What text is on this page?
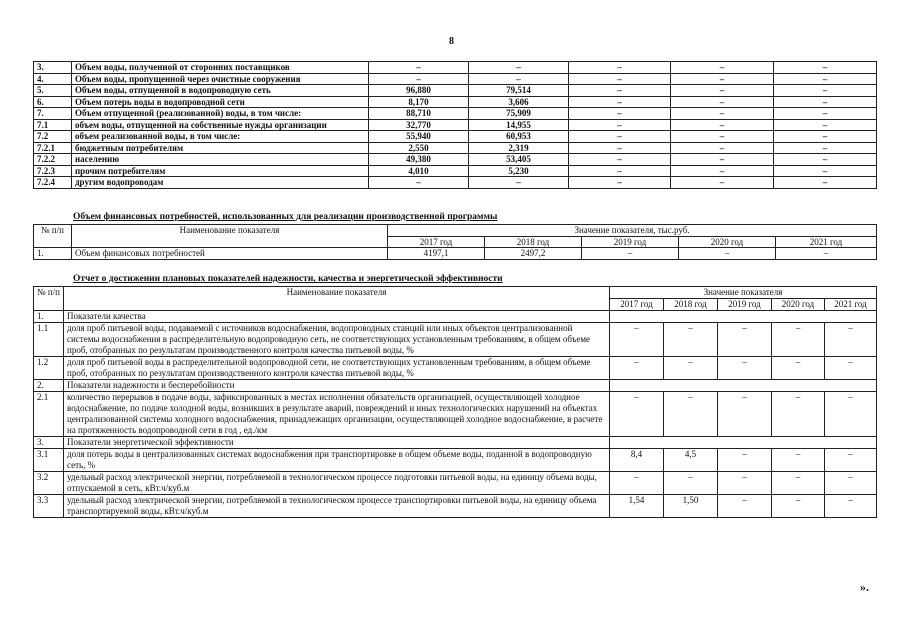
8
3.	Объем воды, полученной от сторонних поставщиков	–	–	–	–	–
4.	Объем воды, пропущенной через очистные сооружения	–	–	–	–	–
5.	Объем воды, отпущенной в водопроводную сеть	96,880	79,514	–	–	–
6.	Объем потерь воды в водопроводной сети	8,170	3,606	–	–	–
7.	Объем отпущенной (реализованной) воды, в том числе:	88,710	75,909	–	–	–
7.1	объем воды, отпущенной на собственные нужды организации	32,770	14,955	–	–	–
7.2	объем реализованной воды, в том числе:	55,940	60,953	–	–	–
7.2.1	бюджетным потребителям	2,550	2,319	–	–	–
7.2.2	населению	49,380	53,405	–	–	–
7.2.3	прочим потребителям	4,010	5,230	–	–	–
7.2.4	другим водопроводам	–	–	–	–	–
Объем финансовых потребностей, использованных для реализации производственной программы
№ п/п	Наименование показателя	Значение показателя, тыс.руб.				
		2017 год	2018 год	2019 год	2020 год	2021 год
1.	Объем финансовых потребностей	4197,1	2497,2	–	–	–
Отчет о достижении плановых показателей надежности, качества и энергетической эффективности
№ п/п	Наименование показателя	Значение показателя				
		2017 год	2018 год	2019 год	2020 год	2021 год
1.	Показатели качества					
1.1	доля проб питьевой воды, подаваемой с источников водоснабжения, водопроводных станций или иных объектов централизованной системы водоснабжения в распределительную водопроводную сеть, не соответствующих установленным требованиям, в общем объеме проб, отобранных по результатам производственного контроля качества питьевой воды, %	–	–	–	–	–
1.2	доля проб питьевой воды в распределительной водопроводной сети, не соответствующих установленным требованиям, в общем объеме проб, отобранных по результатам производственного контроля качества питьевой воды, %	–	–	–	–	–
2.	Показатели надежности и бесперебойности					
2.1	количество перерывов в подаче воды, зафиксированных в местах исполнения обязательств организацией, осуществляющей холодное водоснабжение, по подаче холодной воды, возникших в результате аварий, повреждений и иных технологических нарушений на объектах централизованной системы холодного водоснабжения, принадлежащих организации, осуществляющей холодное водоснабжение, в расчете на протяженность водопроводной сети в год , ед./км	–	–	–	–	–
3.	Показатели энергетической эффективности					
3.1	доля потерь воды в централизованных системах водоснабжения при транспортировке в общем объеме воды, поданной в водопроводную сеть, %	8,4	4,5	–	–	–
3.2	удельный расход электрической энергии, потребляемой в технологическом процессе подготовки питьевой воды, на единицу объема воды, отпускаемой в сеть, кВт.ч/куб.м	–	–	–	–	–
3.3	удельный расход электрической энергии, потребляемой в технологическом процессе транспортировки питьевой воды, на единицу объема транспортируемой воды, кВт.ч/куб.м	1,54	1,50	–	–	–
».
